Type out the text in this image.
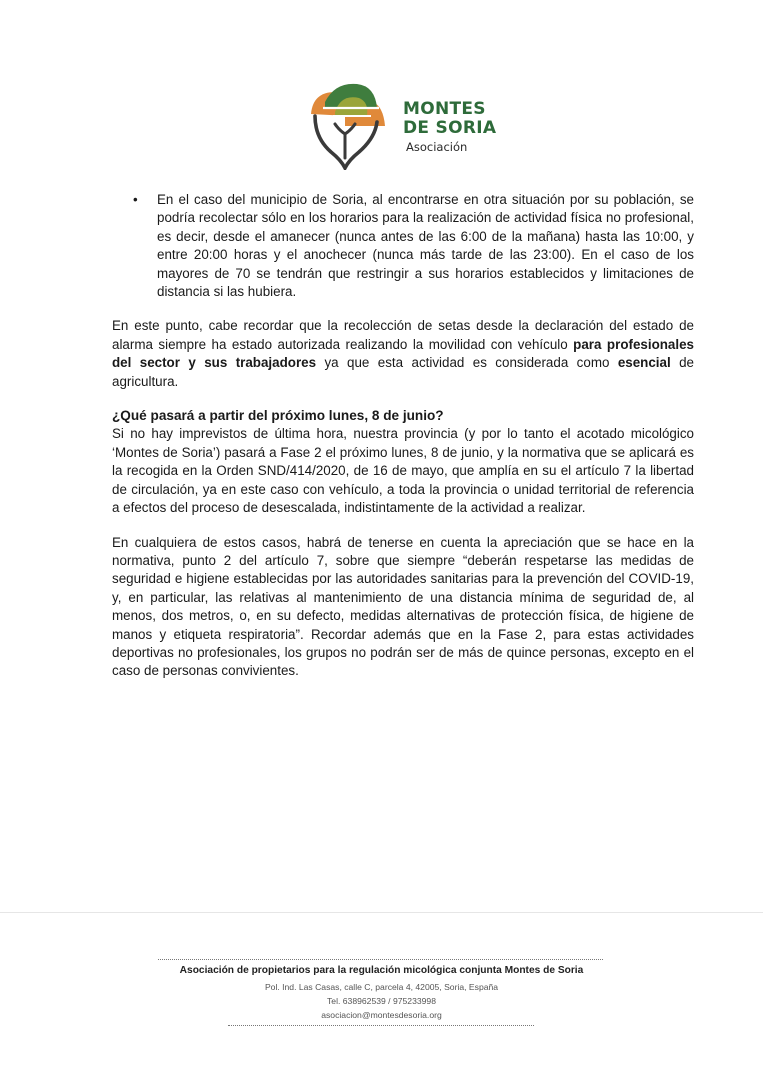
MONTES
DE SORIA
Asociación
• En el caso del municipio de Soria, al encontrarse en otra situación por su población, se podría recolectar sólo en los horarios para la realización de actividad física no profesional, es decir, desde el amanecer (nunca antes de las 6:00 de la mañana) hasta las 10:00, y entre 20:00 horas y el anochecer (nunca más tarde de las 23:00). En el caso de los mayores de 70 se tendrán que restringir a sus horarios establecidos y limitaciones de distancia si las hubiera.

En este punto, cabe recordar que la recolección de setas desde la declaración del estado de alarma siempre ha estado autorizada realizando la movilidad con vehículo para profesionales del sector y sus trabajadores ya que esta actividad es considerada como esencial de agricultura.

¿Qué pasará a partir del próximo lunes, 8 de junio?

Si no hay imprevistos de última hora, nuestra provincia (y por lo tanto el acotado micológico ‘Montes de Soria’) pasará a Fase 2 el próximo lunes, 8 de junio, y la normativa que se aplicará es la recogida en la Orden SND/414/2020, de 16 de mayo, que amplía en su el artículo 7 la libertad de circulación, ya en este caso con vehículo, a toda la provincia o unidad territorial de referencia a efectos del proceso de desescalada, indistintamente de la actividad a realizar.

En cualquiera de estos casos, habrá de tenerse en cuenta la apreciación que se hace en la normativa, punto 2 del artículo 7, sobre que siempre “deberán respetarse las medidas de seguridad e higiene establecidas por las autoridades sanitarias para la prevención del COVID-19, y, en particular, las relativas al mantenimiento de una distancia mínima de seguridad de, al menos, dos metros, o, en su defecto, medidas alternativas de protección física, de higiene de manos y etiqueta respiratoria”. Recordar además que en la Fase 2, para estas actividades deportivas no profesionales, los grupos no podrán ser de más de quince personas, excepto en el caso de personas convivientes.

Asociación de propietarios para la regulación micológica conjunta Montes de Soria
Pol. Ind. Las Casas, calle C, parcela 4, 42005, Soria, España
Tel. 638962539 / 975233998
asociacion@montesdesoria.org
